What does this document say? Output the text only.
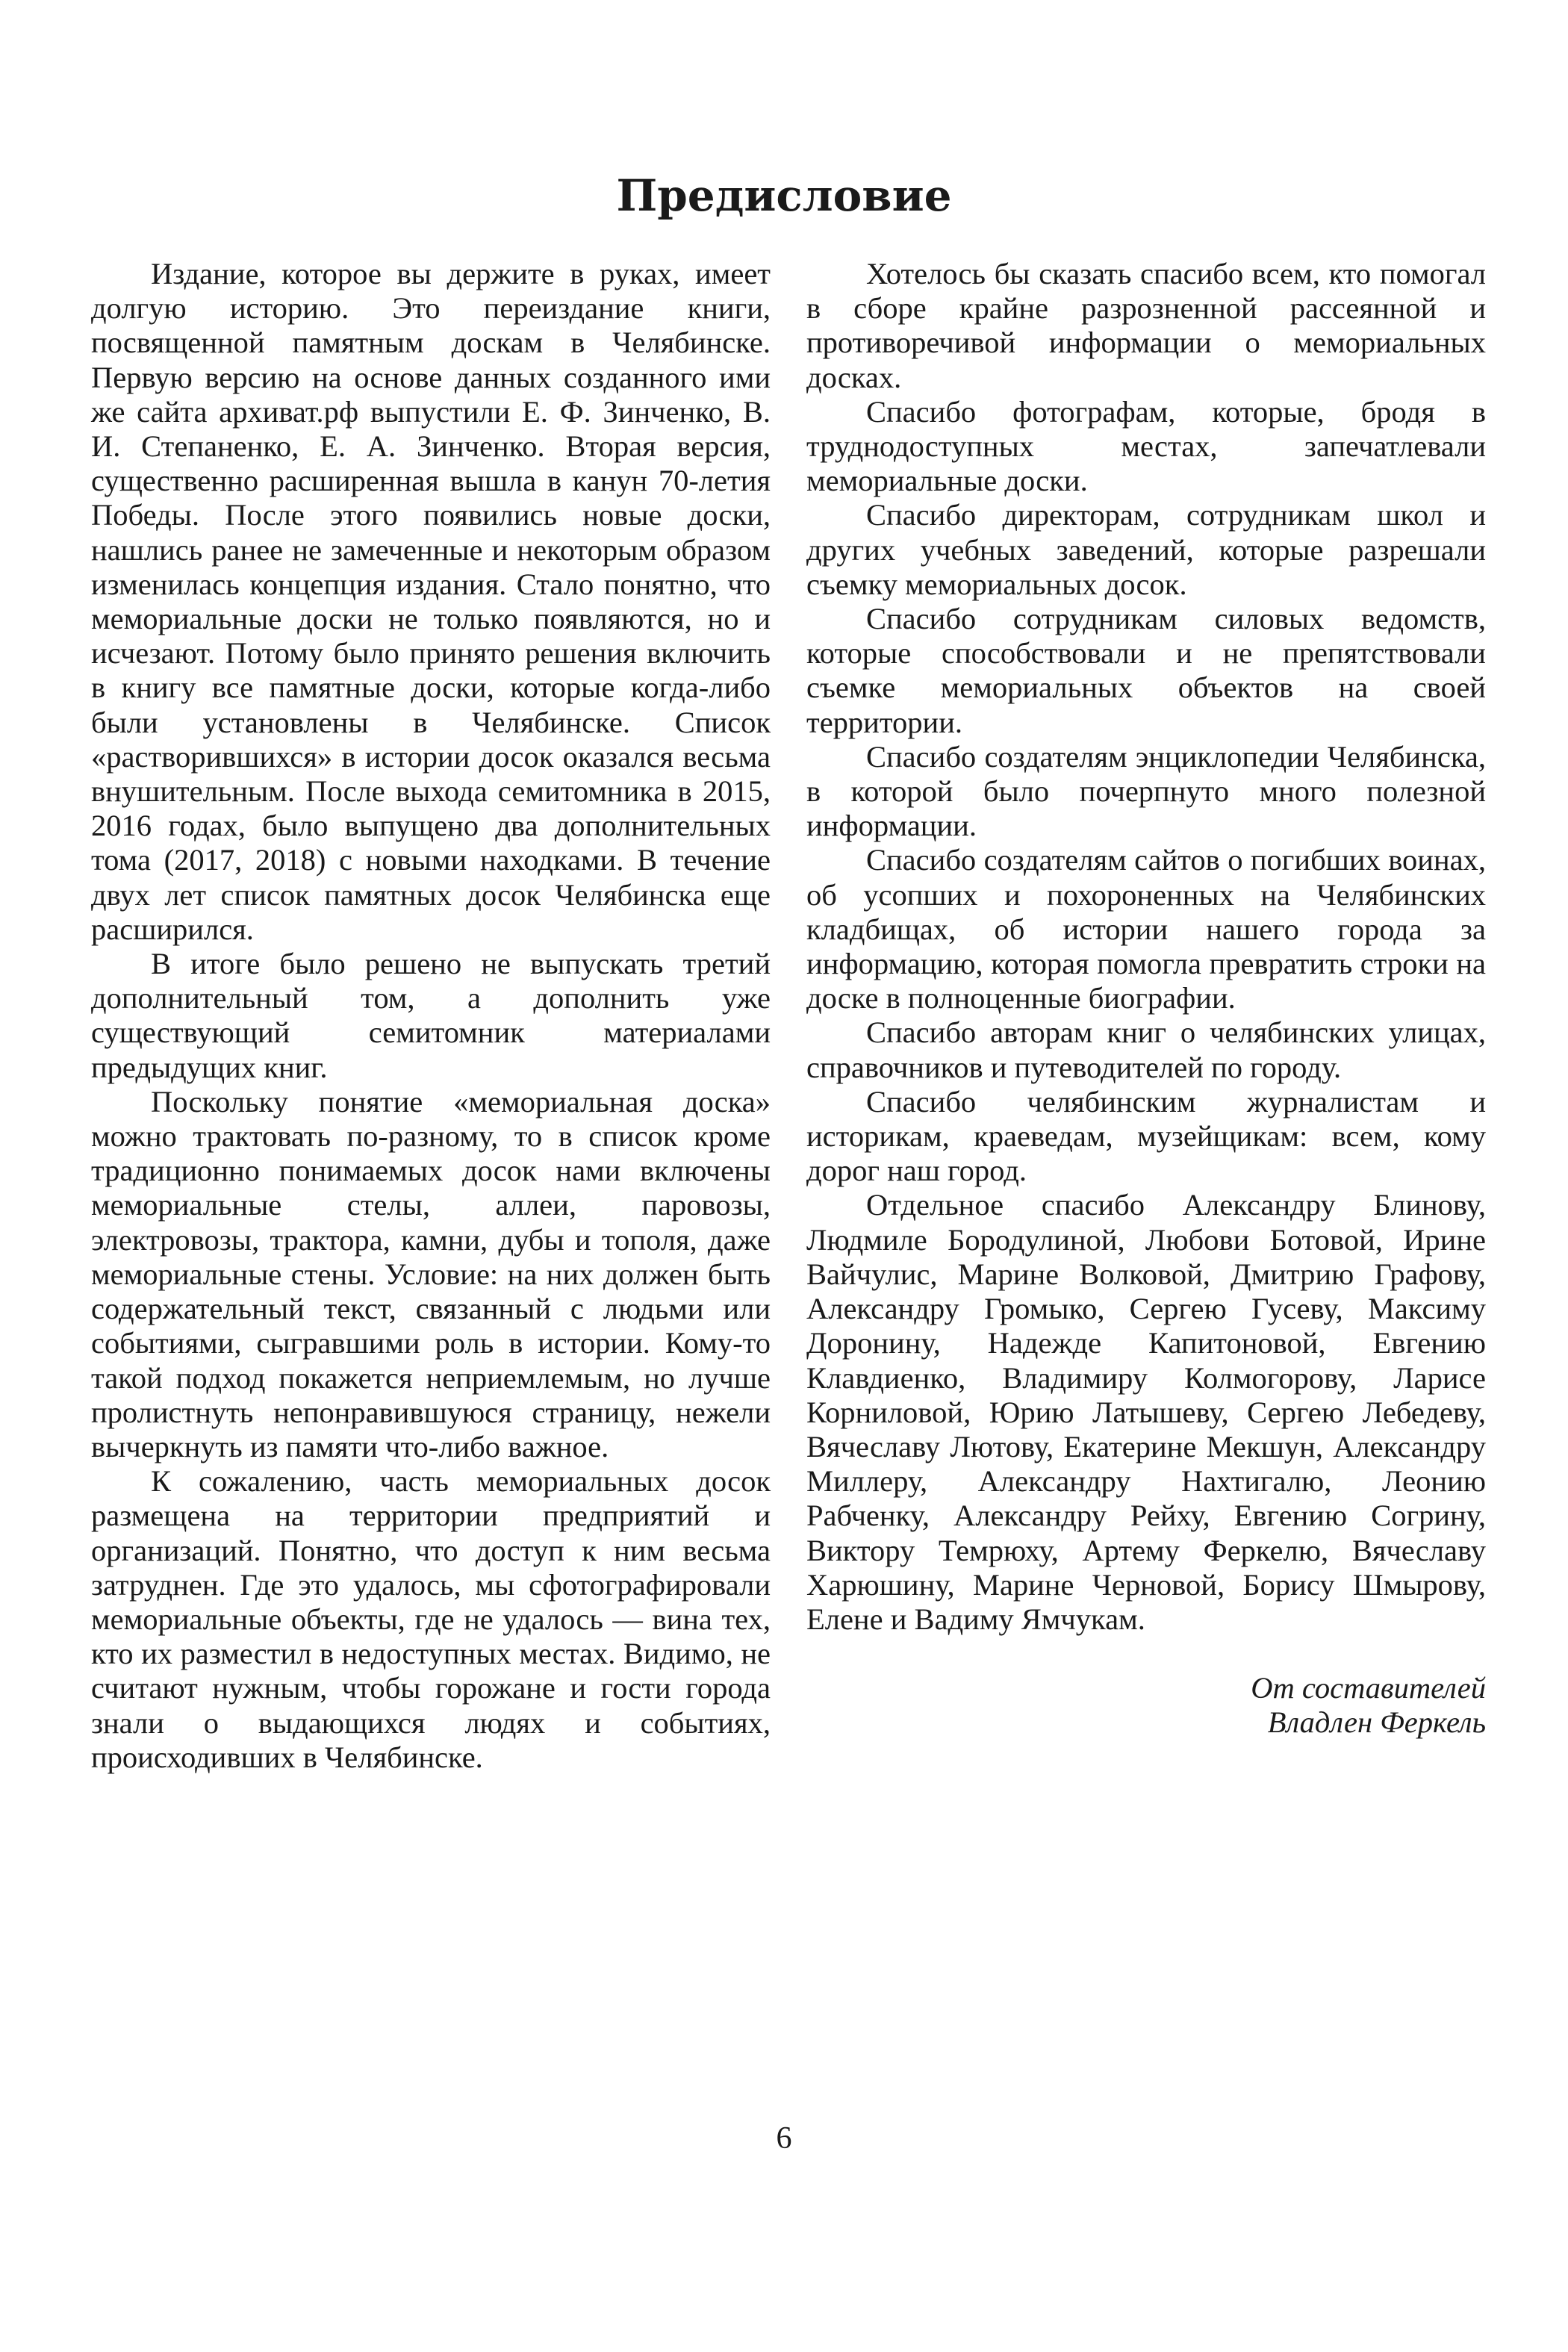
Предисловие

Издание, которое вы держите в руках, имеет долгую историю. Это переиздание книги, посвященной памятным доскам в Челябинске. Первую версию на основе данных созданного ими же сайта архиват.рф выпустили Е. Ф. Зинченко, В. И. Степаненко, Е. А. Зинченко. Вторая версия, существенно расширенная вышла в канун 70-летия Победы. После этого появились новые доски, нашлись ранее не замеченные и некоторым образом изменилась концепция издания. Стало понятно, что мемориальные доски не только появляются, но и исчезают. Потому было принято решения включить в книгу все памятные доски, которые когда-либо были установлены в Челябинске. Список «растворившихся» в истории досок оказался весьма внушительным. После выхода семитомника в 2015, 2016 годах, было выпущено два дополнительных тома (2017, 2018) с новыми находками. В течение двух лет список памятных досок Челябинска еще расширился.

В итоге было решено не выпускать третий дополнительный том, а дополнить уже существующий семитомник материалами предыдущих книг.

Поскольку понятие «мемориальная доска» можно трактовать по-разному, то в список кроме традиционно понимаемых досок нами включены мемориальные стелы, аллеи, паровозы, электровозы, трактора, камни, дубы и тополя, даже мемориальные стены. Условие: на них должен быть содержательный текст, связанный с людьми или событиями, сыгравшими роль в истории. Кому-то такой подход покажется неприемлемым, но лучше пролистнуть непонравившуюся страницу, нежели вычеркнуть из памяти что-либо важное.

К сожалению, часть мемориальных досок размещена на территории предприятий и организаций. Понятно, что доступ к ним весьма затруднен. Где это удалось, мы сфотографировали мемориальные объекты, где не удалось — вина тех, кто их разместил в недоступных местах. Видимо, не считают нужным, чтобы горожане и гости города знали о выдающихся людях и событиях, происходивших в Челябинске.

Хотелось бы сказать спасибо всем, кто помогал в сборе крайне разрозненной рассеянной и противоречивой информации о мемориальных досках.

Спасибо фотографам, которые, бродя в труднодоступных местах, запечатлевали мемориальные доски.

Спасибо директорам, сотрудникам школ и других учебных заведений, которые разрешали съемку мемориальных досок.

Спасибо сотрудникам силовых ведомств, которые способствовали и не препятствовали съемке мемориальных объектов на своей территории.

Спасибо создателям энциклопедии Челябинска, в которой было почерпнуто много полезной информации.

Спасибо создателям сайтов о погибших воинах, об усопших и похороненных на Челябинских кладбищах, об истории нашего города за информацию, которая помогла превратить строки на доске в полноценные биографии.

Спасибо авторам книг о челябинских улицах, справочников и путеводителей по городу.

Спасибо челябинским журналистам и историкам, краеведам, музейщикам: всем, кому дорог наш город.

Отдельное спасибо Александру Блинову, Людмиле Бородулиной, Любови Ботовой, Ирине Вайчулис, Марине Волковой, Дмитрию Графову, Александру Громыко, Сергею Гусеву, Максиму Доронину, Надежде Капитоновой, Евгению Клавдиенко, Владимиру Колмогорову, Ларисе Корниловой, Юрию Латышеву, Сергею Лебедеву, Вячеславу Лютову, Екатерине Мекшун, Александру Миллеру, Александру Нахтигалю, Леонию Рабченку, Александру Рейху, Евгению Согрину, Виктору Темрюху, Артему Феркелю, Вячеславу Харюшину, Марине Черновой, Борису Шмырову, Елене и Вадиму Ямчукам.

От составителей
Владлен Феркель
6
